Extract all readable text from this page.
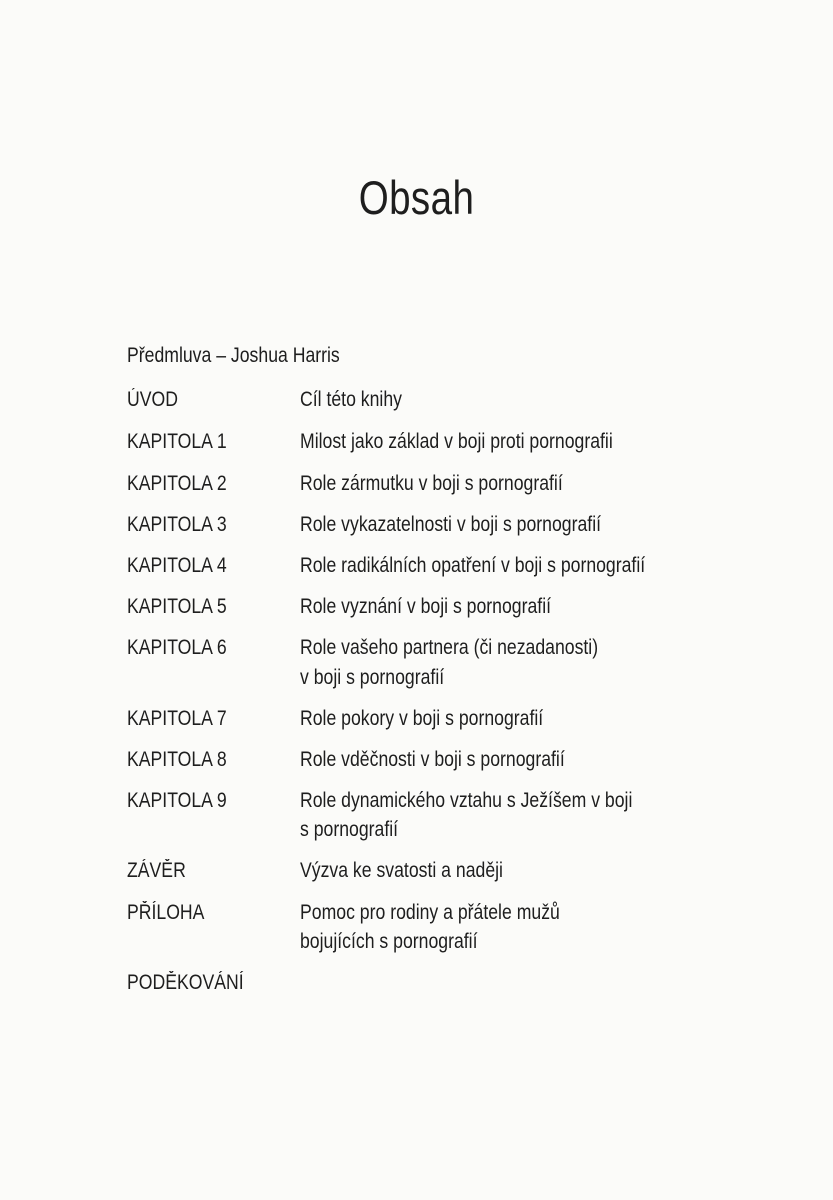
Obsah
Předmluva – Joshua Harris
ÚVOD	Cíl této knihy
KAPITOLA 1	Milost jako základ v boji proti pornografii
KAPITOLA 2	Role zármutku v boji s pornografií
KAPITOLA 3	Role vykazatelnosti v boji s pornografií
KAPITOLA 4	Role radikálních opatření v boji s pornografií
KAPITOLA 5	Role vyznání v boji s pornografií
KAPITOLA 6	Role vašeho partnera (či nezadanosti)
v boji s pornografií
KAPITOLA 7	Role pokory v boji s pornografií
KAPITOLA 8	Role vděčnosti v boji s pornografií
KAPITOLA 9	Role dynamického vztahu s Ježíšem v boji
s pornografií
ZÁVĚR	Výzva ke svatosti a naději
PŘÍLOHA	Pomoc pro rodiny a přátele mužů
bojujících s pornografií
PODĚKOVÁNÍ
